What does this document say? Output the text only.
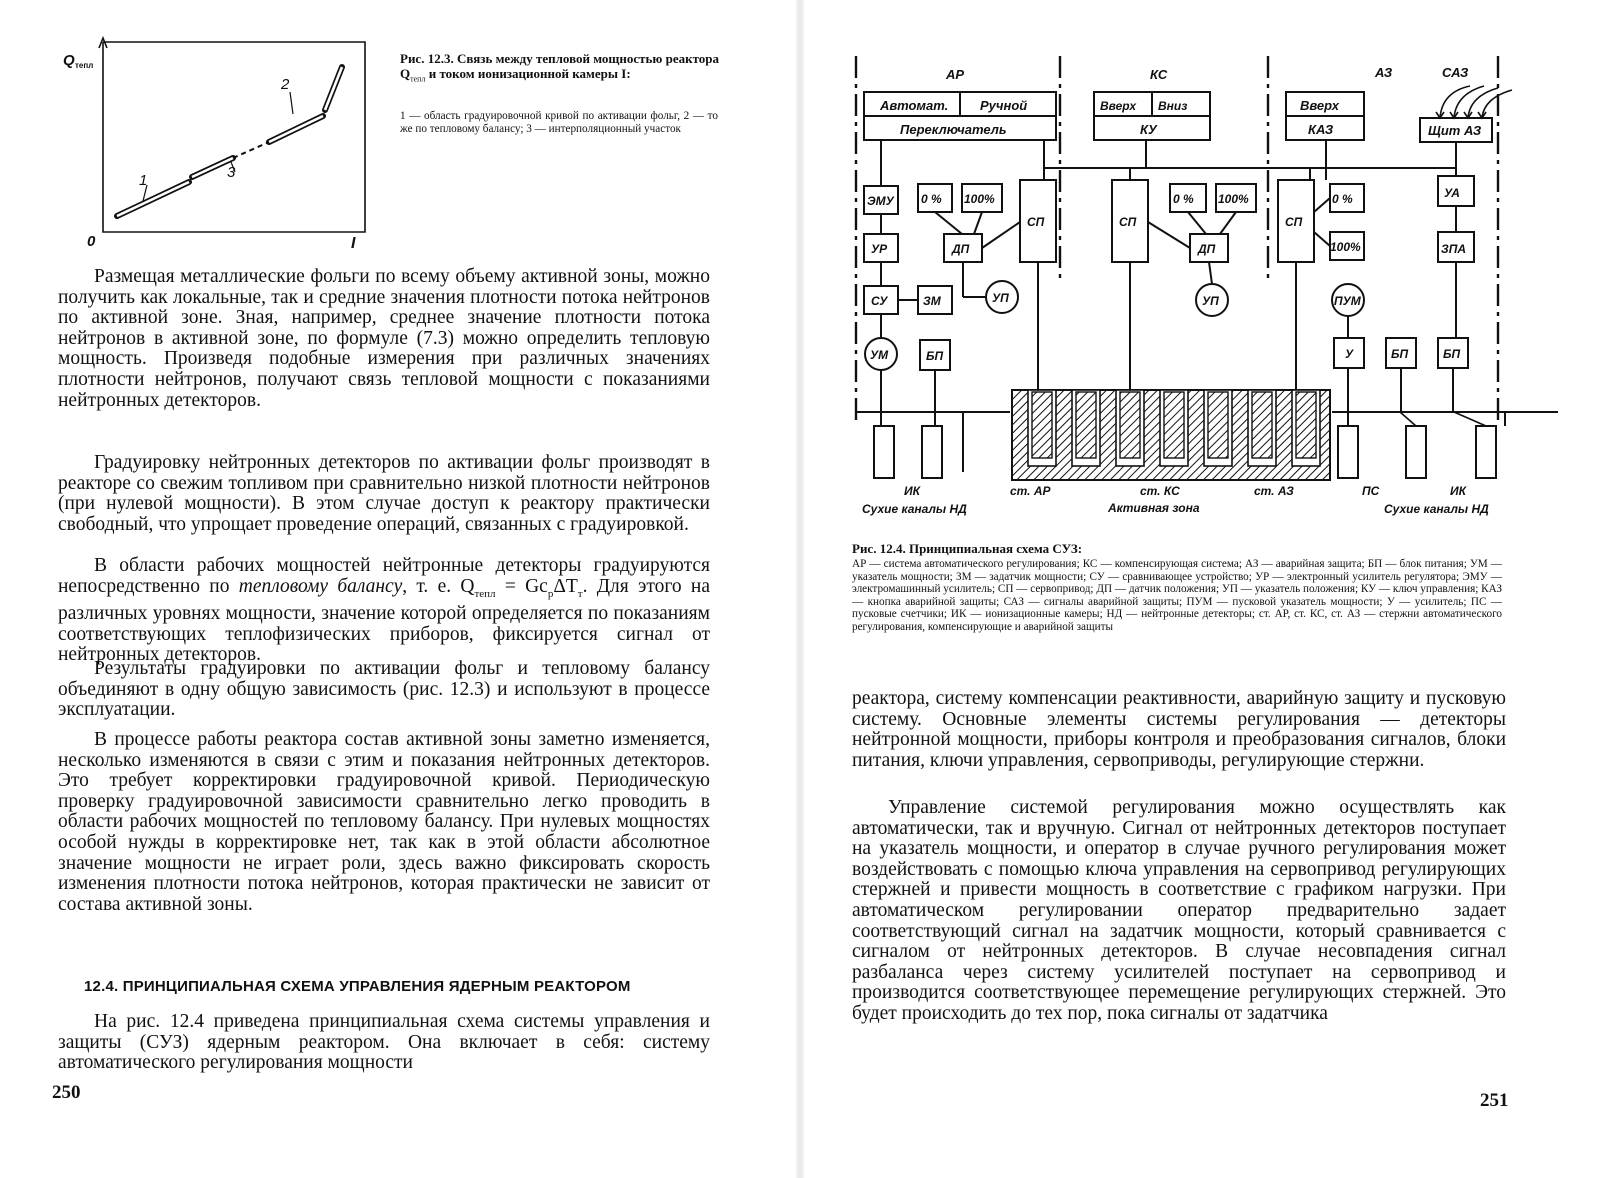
Q тепл
I
0
1
2
3

Рис. 12.3. Связь между тепловой мощностью реактора $Q_{тепл}$ и током ионизационной камеры I:

1 — область градуировочной кривой по активации фольг, 2 — то же по тепловому балансу; 3 — интерполяционный участок

Размещая металлические фольги по всему объему активной зоны, можно получить как локальные, так и средние значения плотности потока нейтронов по активной зоне. Зная, например, среднее значение плотности потока нейтронов в активной зоне, по формуле (7.3) можно определить тепловую мощность. Произведя подобные измерения при различных значениях плотности нейтронов, получают связь тепловой мощности с показаниями нейтронных детекторов.

Градуировку нейтронных детекторов по активации фольг производят в реакторе со свежим топливом при сравнительно низкой плотности нейтронов (при нулевой мощности). В этом случае доступ к реактору практически свободный, что упрощает проведение операций, связанных с градуировкой.

В области рабочих мощностей нейтронные детекторы градуируются непосредственно по тепловому балансу, т. е. $Q_{тепл} = Gc_p\Delta T_т$. Для этого на различных уровнях мощности, значение которой определяется по показаниям соответствующих теплофизических приборов, фиксируется сигнал от нейтронных детекторов.

Результаты градуировки по активации фольг и тепловому балансу объединяют в одну общую зависимость (рис. 12.3) и используют в процессе эксплуатации.

В процессе работы реактора состав активной зоны заметно изменяется, несколько изменяются в связи с этим и показания нейтронных детекторов. Это требует корректировки градуировочной кривой. Периодическую проверку градуировочной зависимости сравнительно легко проводить в области рабочих мощностей по тепловому балансу. При нулевых мощностях особой нужды в корректировке нет, так как в этой области абсолютное значение мощности не играет роли, здесь важно фиксировать скорость изменения плотности потока нейтронов, которая практически не зависит от состава активной зоны.

12.4. ПРИНЦИПИАЛЬНАЯ СХЕМА УПРАВЛЕНИЯ ЯДЕРНЫМ РЕАКТОРОМ

На рис. 12.4 приведена принципиальная схема системы управления и защиты (СУЗ) ядерным реактором. Она включает в себя: систему автоматического регулирования мощности

250
АР	КС	АЗ	САЗ
Автомат. Ручной
Переключатель
Вверх Вниз
КУ
Вверх
КАЗ	Щит АЗ
ЭМУ
УР
СУ	ЗМ
0 % 100%
ДП
СП
УМ
УП
БП
СП
0 % 100%
ДП
УП
СП
0 %
100%
УА
ЗПА
ПУМ
У	БП	БП
ИК
Сухие каналы НД
ст. АР	ст. КС	ст. АЗ
Активная зона
ПС	ИК
Сухие каналы НД

Рис. 12.4. Принципиальная схема СУЗ:

АР — система автоматического регулирования; КС — компенсирующая система; АЗ — аварийная защита; БП — блок питания; УМ — указатель мощности; ЗМ — задатчик мощности; СУ — сравнивающее устройство; УР — электронный усилитель регулятора; ЭМУ — электромашинный усилитель; СП — сервопривод; ДП — датчик положения; УП — указатель положения; КУ — ключ управления; КАЗ — кнопка аварийной защиты; САЗ — сигналы аварийной защиты; ПУМ — пусковой указатель мощности; У — усилитель; ПС — пусковые счетчики; ИК — ионизационные камеры; НД — нейтронные детекторы; ст. АР, ст. КС, ст. АЗ — стержни автоматического регулирования, компенсирующие и аварийной защиты

реактора, систему компенсации реактивности, аварийную защиту и пусковую систему. Основные элементы системы регулирования — детекторы нейтронной мощности, приборы контроля и преобразования сигналов, блоки питания, ключи управления, сервоприводы, регулирующие стержни.

Управление системой регулирования можно осуществлять как автоматически, так и вручную. Сигнал от нейтронных детекторов поступает на указатель мощности, и оператор в случае ручного регулирования может воздействовать с помощью ключа управления на сервопривод регулирующих стержней и привести мощность в соответствие с графиком нагрузки. При автоматическом регулировании оператор предварительно задает соответствующий сигнал на задатчик мощности, который сравнивается с сигналом от нейтронных детекторов. В случае несовпадения сигнал разбаланса через систему усилителей поступает на сервопривод и производится соответствующее перемещение регулирующих стержней. Это будет происходить до тех пор, пока сигналы от задатчика

251
